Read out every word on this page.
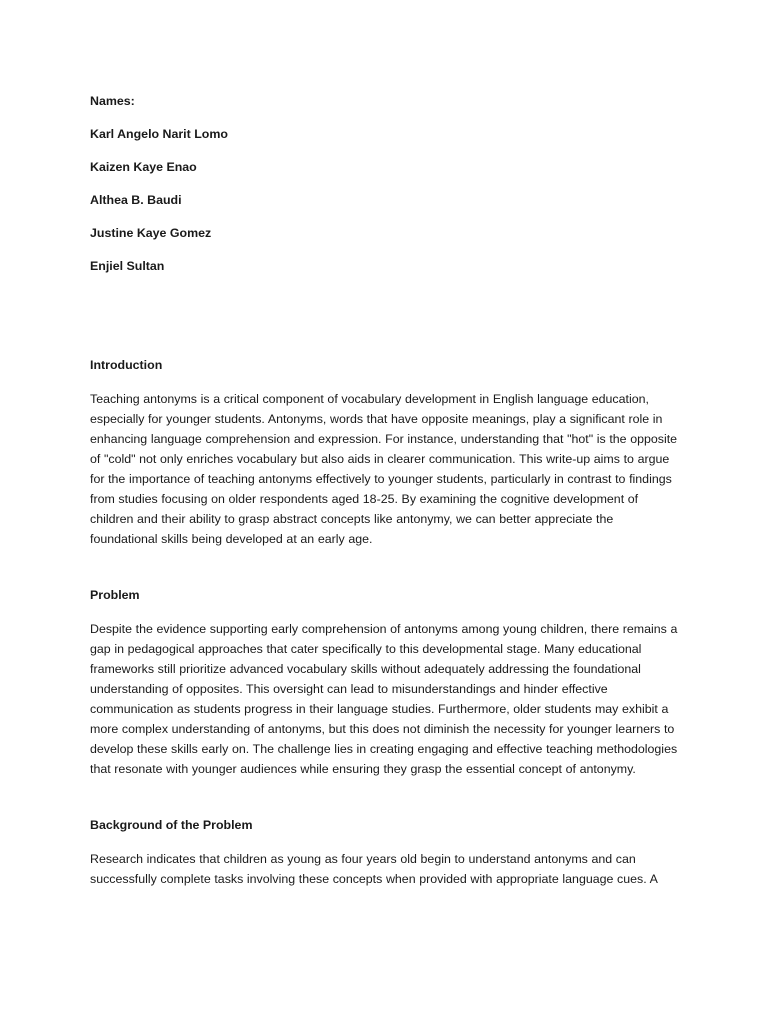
Names:

Karl Angelo Narit Lomo

Kaizen Kaye Enao

Althea B. Baudi

Justine Kaye Gomez

Enjiel Sultan

Introduction

Teaching antonyms is a critical component of vocabulary development in English language education, especially for younger students. Antonyms, words that have opposite meanings, play a significant role in enhancing language comprehension and expression. For instance, understanding that "hot" is the opposite of "cold" not only enriches vocabulary but also aids in clearer communication. This write-up aims to argue for the importance of teaching antonyms effectively to younger students, particularly in contrast to findings from studies focusing on older respondents aged 18-25. By examining the cognitive development of children and their ability to grasp abstract concepts like antonymy, we can better appreciate the foundational skills being developed at an early age.

Problem

Despite the evidence supporting early comprehension of antonyms among young children, there remains a gap in pedagogical approaches that cater specifically to this developmental stage. Many educational frameworks still prioritize advanced vocabulary skills without adequately addressing the foundational understanding of opposites. This oversight can lead to misunderstandings and hinder effective communication as students progress in their language studies. Furthermore, older students may exhibit a more complex understanding of antonyms, but this does not diminish the necessity for younger learners to develop these skills early on. The challenge lies in creating engaging and effective teaching methodologies that resonate with younger audiences while ensuring they grasp the essential concept of antonymy.

Background of the Problem

Research indicates that children as young as four years old begin to understand antonyms and can successfully complete tasks involving these concepts when provided with appropriate language cues. A
